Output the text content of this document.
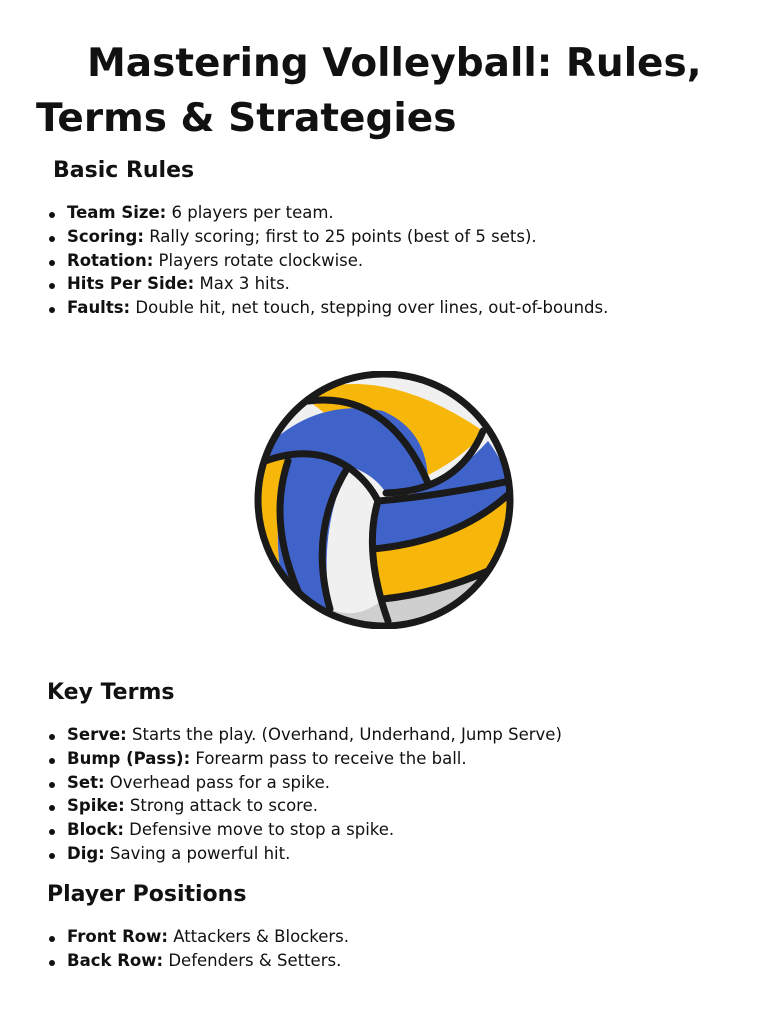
Mastering Volleyball: Rules,
Terms & Strategies
Basic Rules
Team Size: 6 players per team.
Scoring: Rally scoring; first to 25 points (best of 5 sets).
Rotation: Players rotate clockwise.
Hits Per Side: Max 3 hits.
Faults: Double hit, net touch, stepping over lines, out-of-bounds.
Key Terms
Serve: Starts the play. (Overhand, Underhand, Jump Serve)
Bump (Pass): Forearm pass to receive the ball.
Set: Overhead pass for a spike.
Spike: Strong attack to score.
Block: Defensive move to stop a spike.
Dig: Saving a powerful hit.
Player Positions
Front Row: Attackers & Blockers.
Back Row: Defenders & Setters.
